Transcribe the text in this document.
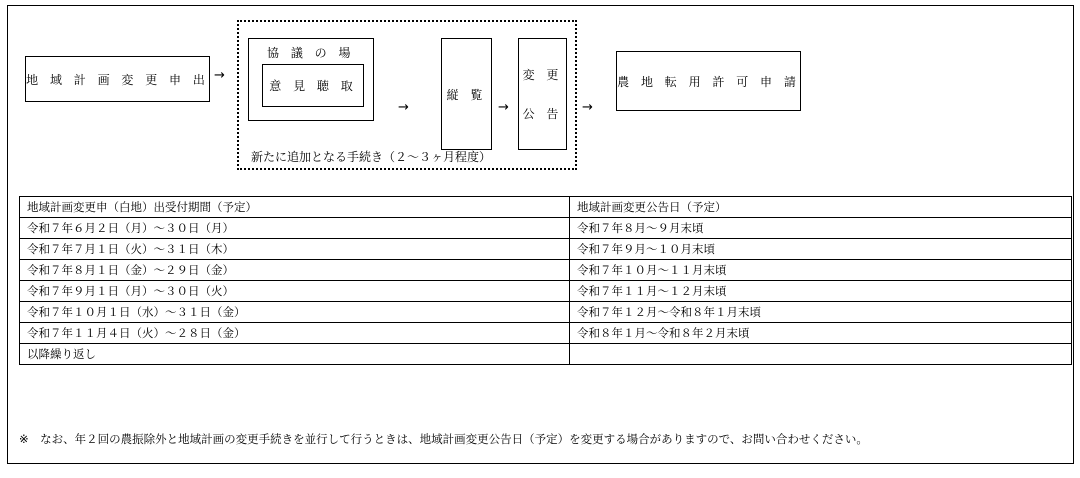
地 域 計 画 変 更 申 出 →
協 議 の 場
意 見 聴 取
→
縦 覧
→
変 更
公 告 →
農 地 転 用 許 可 申 請
新たに追加となる手続き（２～３ヶ月程度）
地域計画変更申（白地）出受付期間（予定）	地域計画変更公告日（予定）
令和７年６月２日（月）～３０日（月）	令和７年８月～９月末頃
令和７年７月１日（火）～３１日（木）	令和７年９月～１０月末頃
令和７年８月１日（金）～２９日（金）	令和７年１０月～１１月末頃
令和７年９月１日（月）～３０日（火）	令和７年１１月～１２月末頃
令和７年１０月１日（水）～３１日（金）	令和７年１２月～令和８年１月末頃
令和７年１１月４日（火）～２８日（金）	令和８年１月～令和８年２月末頃
以降繰り返し	
※　なお、年２回の農振除外と地域計画の変更手続きを並行して行うときは、地域計画変更公告日（予定）を変更する場合がありますので、お問い合わせください。
